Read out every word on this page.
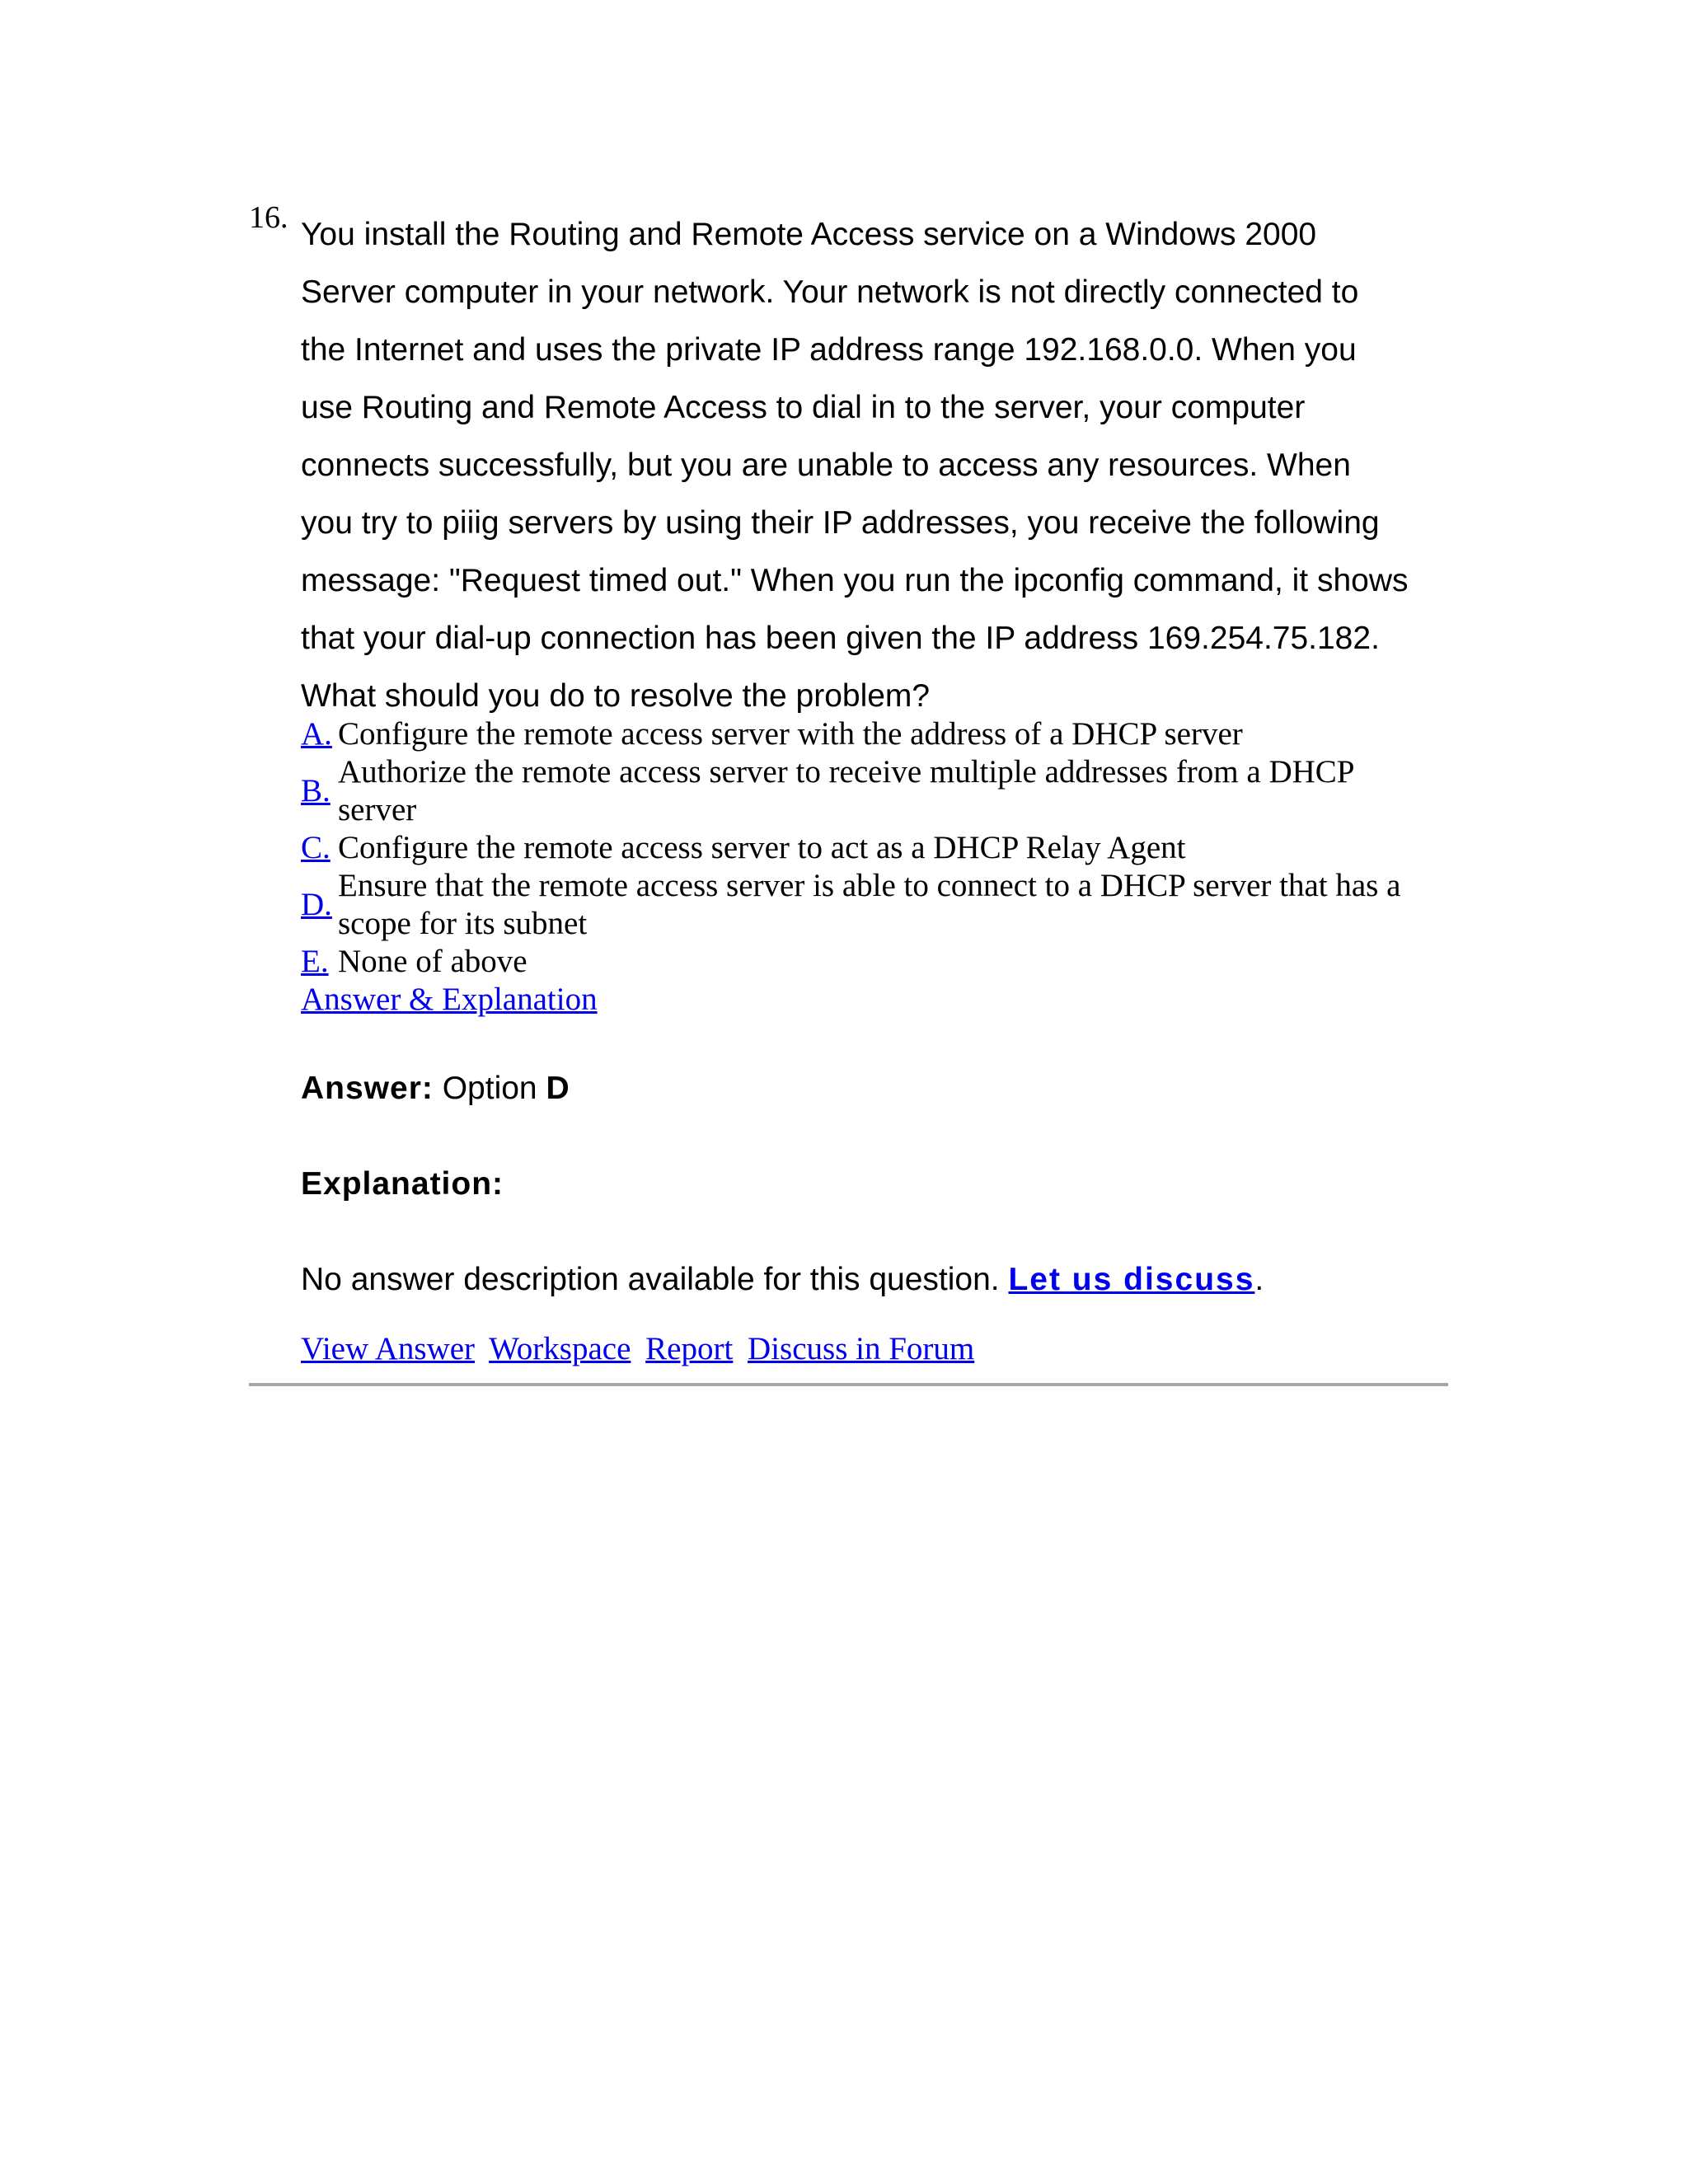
16. You install the Routing and Remote Access service on a Windows 2000
Server computer in your network. Your network is not directly connected to
the Internet and uses the private IP address range 192.168.0.0. When you
use Routing and Remote Access to dial in to the server, your computer
connects successfully, but you are unable to access any resources. When
you try to piiig servers by using their IP addresses, you receive the following
message: "Request timed out." When you run the ipconfig command, it shows
that your dial-up connection has been given the IP address 169.254.75.182.
What should you do to resolve the problem?

A. Configure the remote access server with the address of a DHCP server
B.
Authorize the remote access server to receive multiple addresses from a DHCP
server
C. Configure the remote access server to act as a DHCP Relay Agent
D.
Ensure that the remote access server is able to connect to a DHCP server that has a
scope for its subnet
E. None of above
Answer & Explanation
Answer: Option D
Explanation:
No answer description available for this question. Let us discuss.
View Answer Workspace Report Discuss in Forum
